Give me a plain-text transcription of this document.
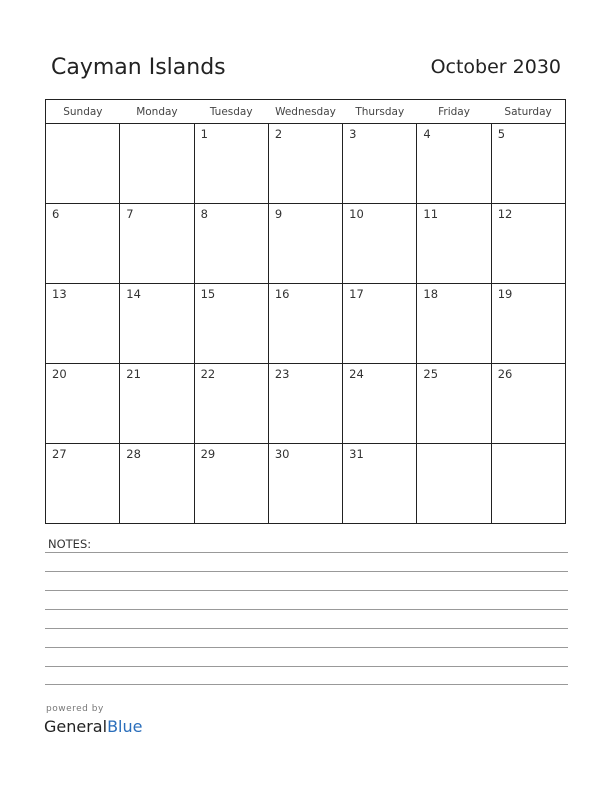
Cayman Islands	October 2030
Sunday	Monday	Tuesday	Wednesday	Thursday	Friday	Saturday
		1	2	3	4	5
6	7	8	9	10	11	12
13	14	15	16	17	18	19
20	21	22	23	24	25	26
27	28	29	30	31		
NOTES:
powered by
GeneralBlue
